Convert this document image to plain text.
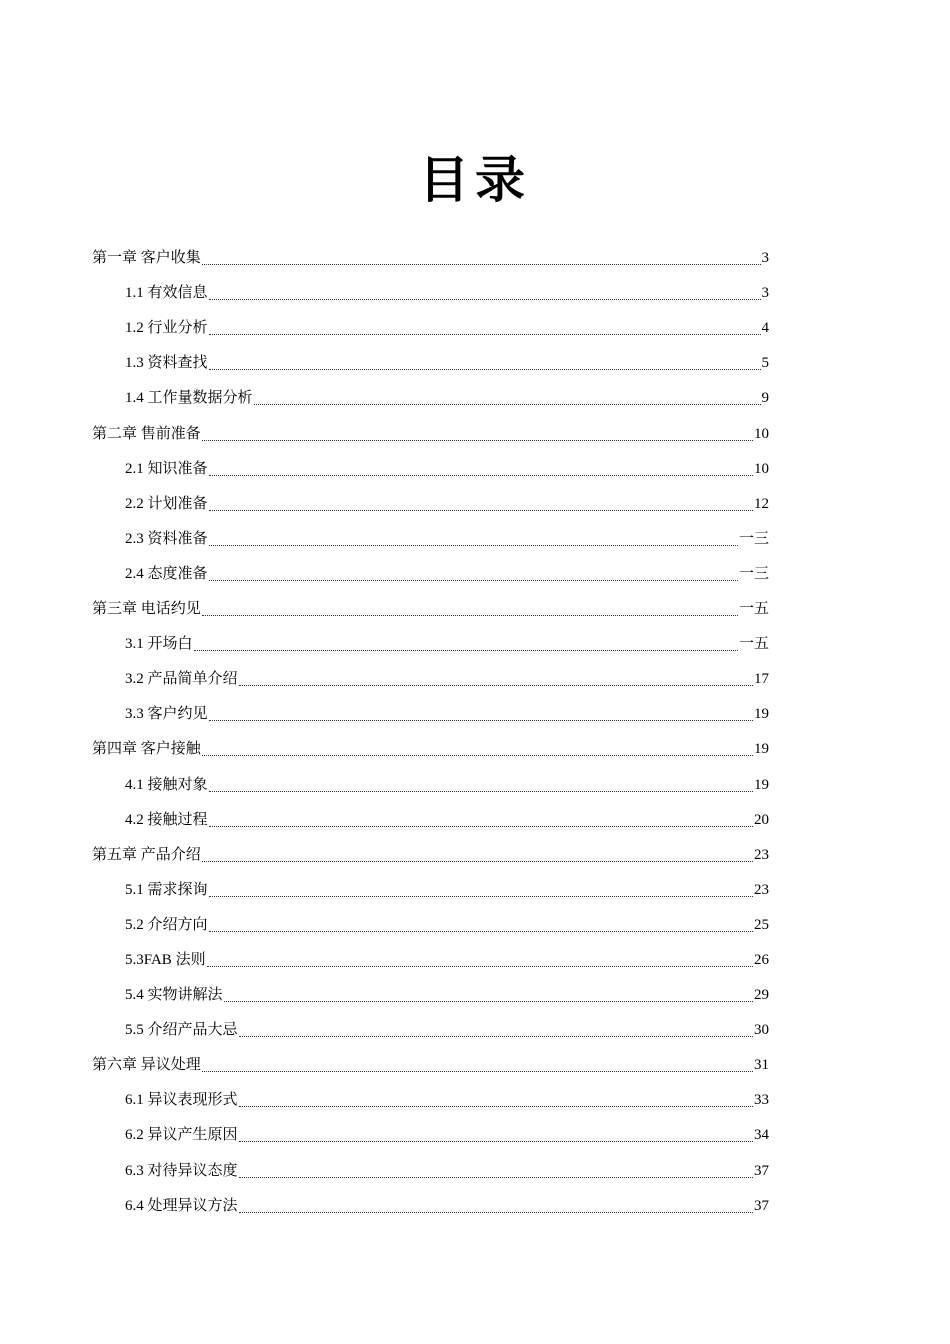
目录
第一章 客户收集	3
1.1 有效信息	3
1.2 行业分析	4
1.3 资料查找	5
1.4 工作量数据分析	9
第二章 售前准备	10
2.1 知识准备	10
2.2 计划准备	12
2.3 资料准备	一三
2.4 态度准备	一三
第三章 电话约见	一五
3.1 开场白	一五
3.2 产品简单介绍	17
3.3 客户约见	19
第四章 客户接触	19
4.1 接触对象	19
4.2 接触过程	20
第五章 产品介绍	23
5.1 需求探询	23
5.2 介绍方向	25
5.3FAB 法则	26
5.4 实物讲解法	29
5.5 介绍产品大忌	30
第六章 异议处理	31
6.1 异议表现形式	33
6.2 异议产生原因	34
6.3 对待异议态度	37
6.4 处理异议方法	37
